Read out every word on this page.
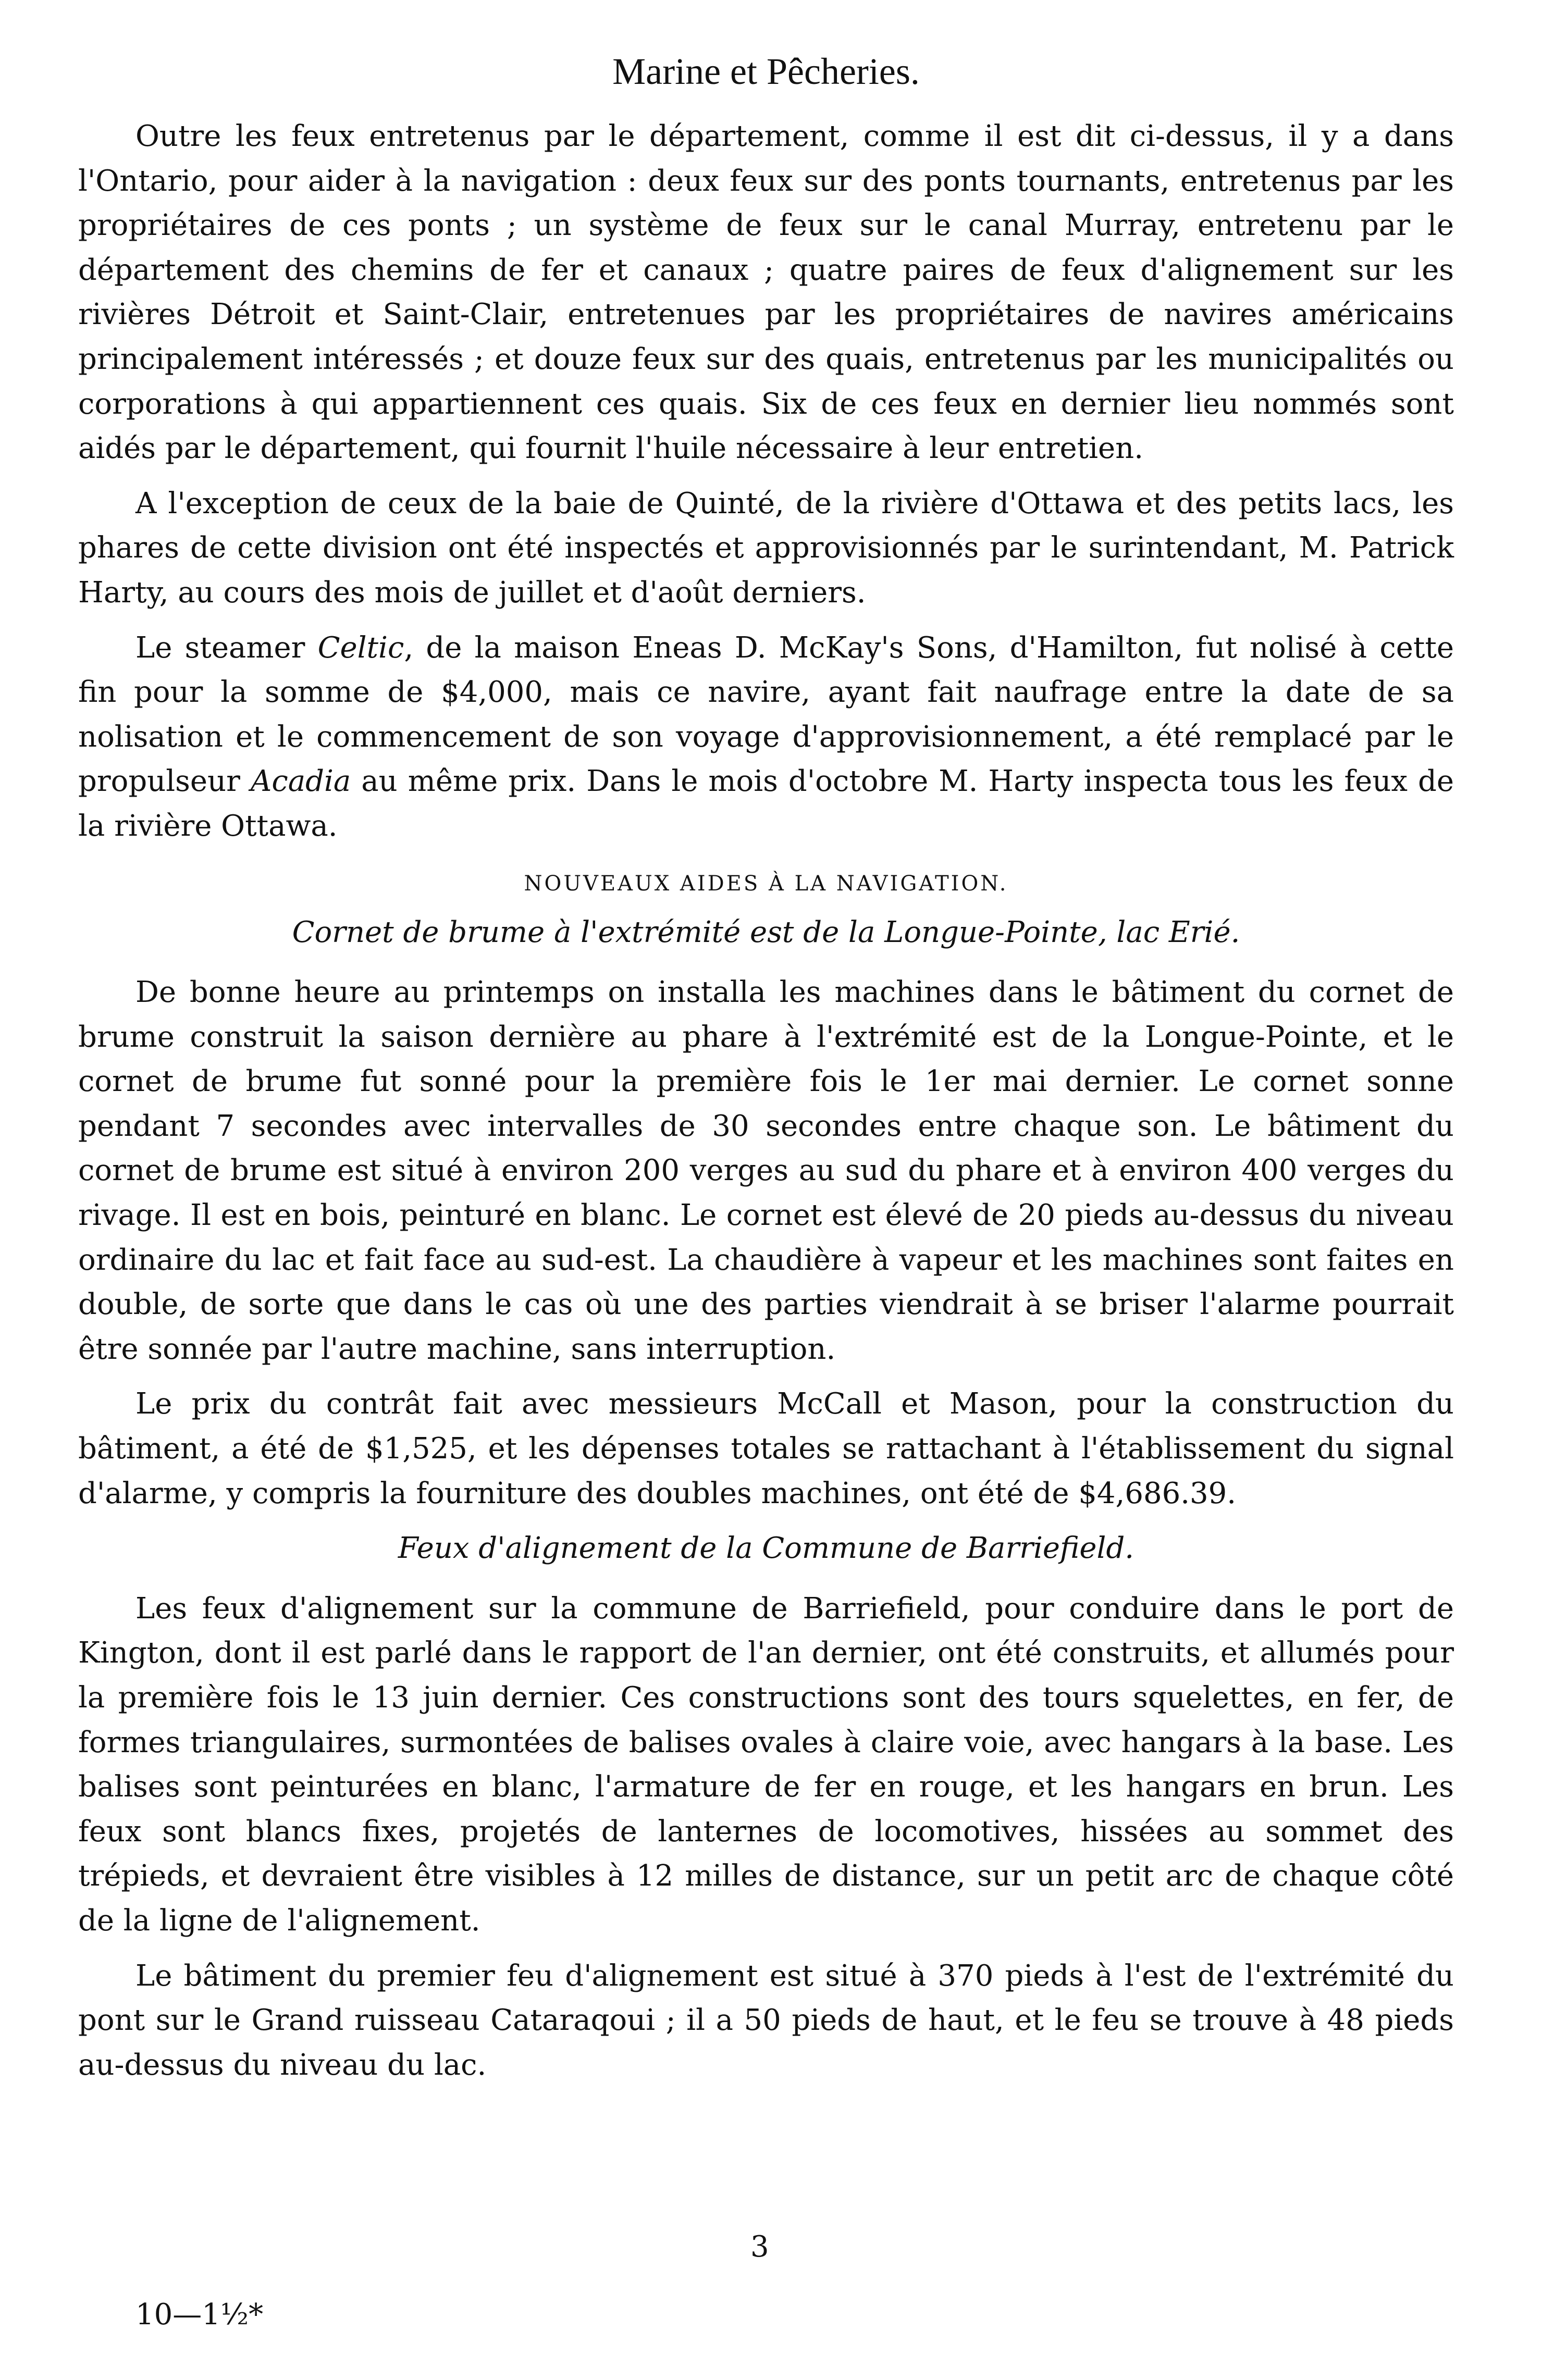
Marine et Pêcheries.

Outre les feux entretenus par le département, comme il est dit ci-dessus, il y a dans l'Ontario, pour aider à la navigation : deux feux sur des ponts tournants, entretenus par les propriétaires de ces ponts ; un système de feux sur le canal Murray, entretenu par le département des chemins de fer et canaux ; quatre paires de feux d'alignement sur les rivières Détroit et Saint-Clair, entretenues par les propriétaires de navires américains principalement intéressés ; et douze feux sur des quais, entretenus par les municipalités ou corporations à qui appartiennent ces quais. Six de ces feux en dernier lieu nommés sont aidés par le département, qui fournit l'huile nécessaire à leur entretien.

A l'exception de ceux de la baie de Quinté, de la rivière d'Ottawa et des petits lacs, les phares de cette division ont été inspectés et approvisionnés par le surintendant, M. Patrick Harty, au cours des mois de juillet et d'août derniers.

Le steamer Celtic, de la maison Eneas D. McKay's Sons, d'Hamilton, fut nolisé à cette fin pour la somme de $4,000, mais ce navire, ayant fait naufrage entre la date de sa nolisation et le commencement de son voyage d'approvisionnement, a été remplacé par le propulseur Acadia au même prix. Dans le mois d'octobre M. Harty inspecta tous les feux de la rivière Ottawa.

NOUVEAUX AIDES À LA NAVIGATION.
Cornet de brume à l'extrémité est de la Longue-Pointe, lac Erié.

De bonne heure au printemps on installa les machines dans le bâtiment du cornet de brume construit la saison dernière au phare à l'extrémité est de la Longue-Pointe, et le cornet de brume fut sonné pour la première fois le 1er mai dernier. Le cornet sonne pendant 7 secondes avec intervalles de 30 secondes entre chaque son. Le bâtiment du cornet de brume est situé à environ 200 verges au sud du phare et à environ 400 verges du rivage. Il est en bois, peinturé en blanc. Le cornet est élevé de 20 pieds au-dessus du niveau ordinaire du lac et fait face au sud-est. La chaudière à vapeur et les machines sont faites en double, de sorte que dans le cas où une des parties viendrait à se briser l'alarme pourrait être sonnée par l'autre machine, sans interruption.

Le prix du contrât fait avec messieurs McCall et Mason, pour la construction du bâtiment, a été de $1,525, et les dépenses totales se rattachant à l'établissement du signal d'alarme, y compris la fourniture des doubles machines, ont été de $4,686.39.

Feux d'alignement de la Commune de Barriefield.

Les feux d'alignement sur la commune de Barriefield, pour conduire dans le port de Kington, dont il est parlé dans le rapport de l'an dernier, ont été construits, et allumés pour la première fois le 13 juin dernier. Ces constructions sont des tours squelettes, en fer, de formes triangulaires, surmontées de balises ovales à claire voie, avec hangars à la base. Les balises sont peinturées en blanc, l'armature de fer en rouge, et les hangars en brun. Les feux sont blancs fixes, projetés de lanternes de locomotives, hissées au sommet des trépieds, et devraient être visibles à 12 milles de distance, sur un petit arc de chaque côté de la ligne de l'alignement.

Le bâtiment du premier feu d'alignement est situé à 370 pieds à l'est de l'extrémité du pont sur le Grand ruisseau Cataraqoui ; il a 50 pieds de haut, et le feu se trouve à 48 pieds au-dessus du niveau du lac.

3
10—1½*
